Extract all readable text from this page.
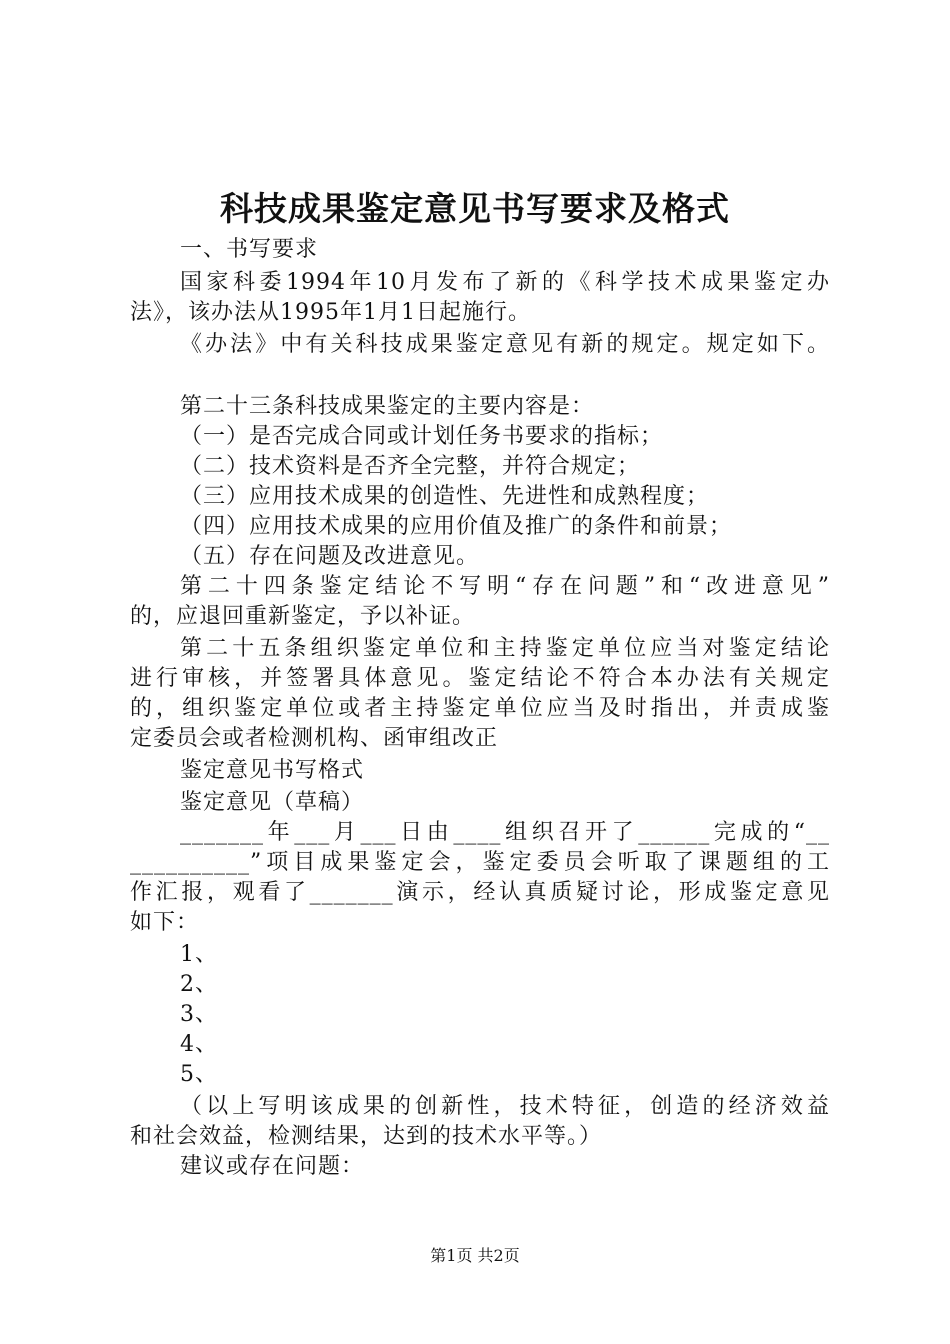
科技成果鉴定意见书写要求及格式
一、书写要求
国家科委1994年10月发布了新的《科学技术成果鉴定办
法》，该办法从1995年1月1日起施行。
《办法》中有关科技成果鉴定意见有新的规定。规定如下。
第二十三条科技成果鉴定的主要内容是：
（一）是否完成合同或计划任务书要求的指标；
（二）技术资料是否齐全完整，并符合规定；
（三）应用技术成果的创造性、先进性和成熟程度；
（四）应用技术成果的应用价值及推广的条件和前景；
（五）存在问题及改进意见。
第二十四条鉴定结论不写明“存在问题”和“改进意见”
的，应退回重新鉴定，予以补证。
第二十五条组织鉴定单位和主持鉴定单位应当对鉴定结论
进行审核，并签署具体意见。鉴定结论不符合本办法有关规定
的，组织鉴定单位或者主持鉴定单位应当及时指出，并责成鉴
定委员会或者检测机构、函审组改正
鉴定意见书写格式
鉴定意见（草稿）
_______年___月___日由____组织召开了______完成的“__
__________”项目成果鉴定会，鉴定委员会听取了课题组的工
作汇报，观看了_______演示，经认真质疑讨论，形成鉴定意见
如下：
1、
2、
3、
4、
5、
（以上写明该成果的创新性，技术特征，创造的经济效益
和社会效益，检测结果，达到的技术水平等。）
建议或存在问题：
第1页 共2页
